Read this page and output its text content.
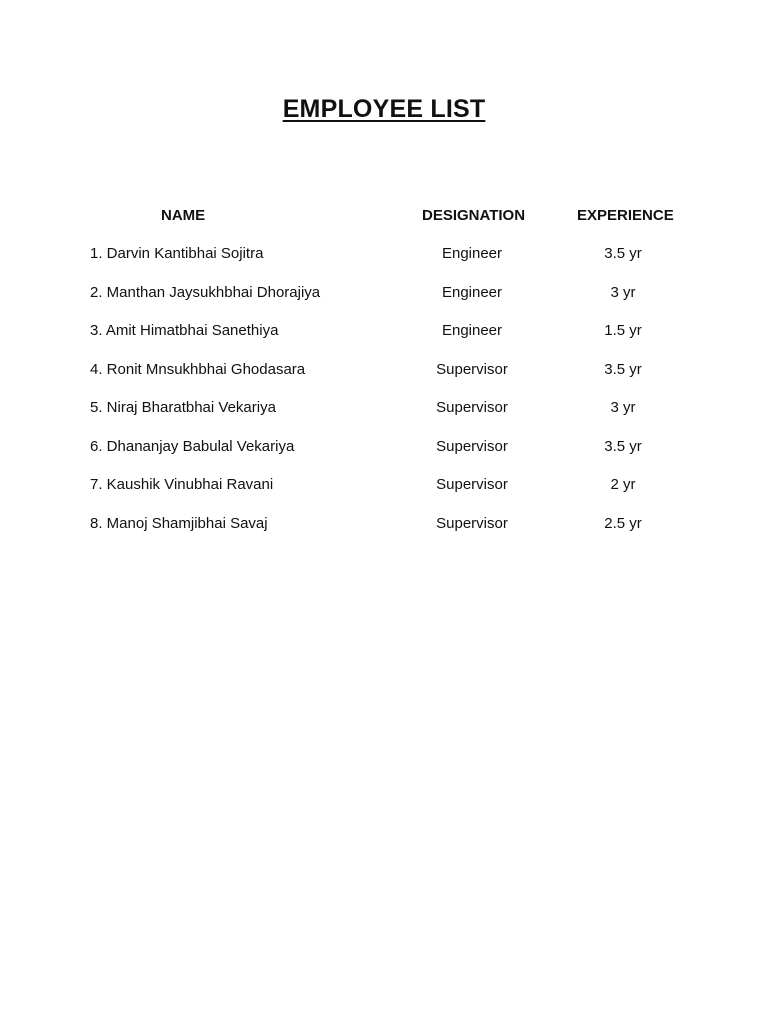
EMPLOYEE LIST
NAME	DESIGNATION	EXPERIENCE
1. Darvin Kantibhai Sojitra	Engineer	3.5 yr
2. Manthan Jaysukhbhai Dhorajiya	Engineer	3 yr
3. Amit Himatbhai Sanethiya	Engineer	1.5 yr
4. Ronit Mnsukhbhai Ghodasara	Supervisor	3.5 yr
5. Niraj Bharatbhai Vekariya	Supervisor	3 yr
6. Dhananjay Babulal Vekariya	Supervisor	3.5 yr
7. Kaushik Vinubhai Ravani	Supervisor	2 yr
8. Manoj Shamjibhai Savaj	Supervisor	2.5 yr
